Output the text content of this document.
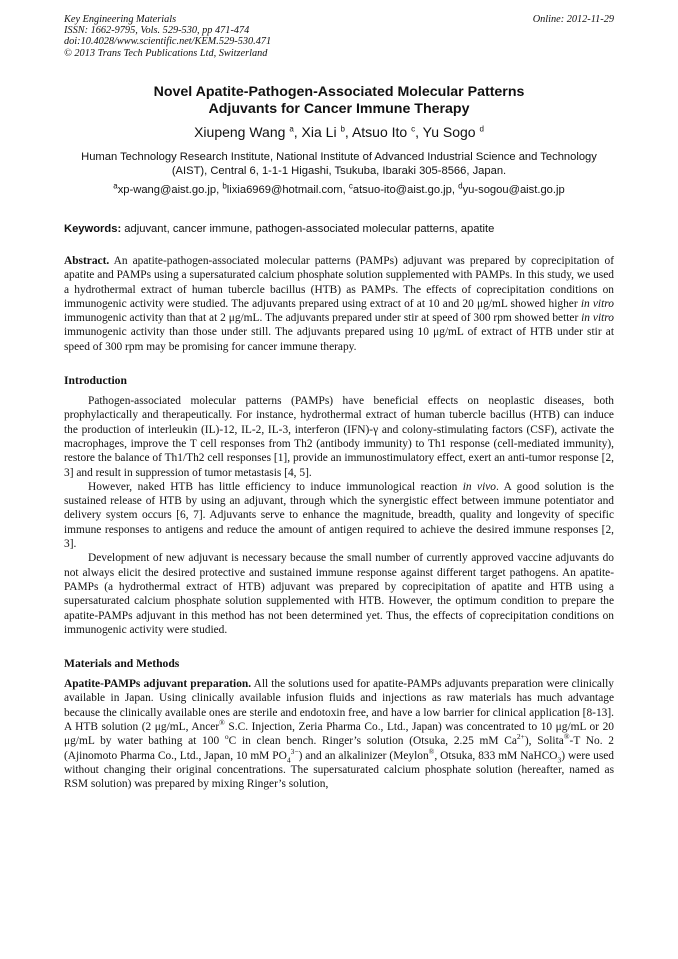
Key Engineering Materials
ISSN: 1662-9795, Vols. 529-530, pp 471-474
doi:10.4028/www.scientific.net/KEM.529-530.471
© 2013 Trans Tech Publications Ltd, Switzerland
Online: 2012-11-29
Novel Apatite-Pathogen-Associated Molecular Patterns
Adjuvants for Cancer Immune Therapy
Xiupeng Wang $^a$, Xia Li $^b$, Atsuo Ito $^c$, Yu Sogo $^d$
Human Technology Research Institute, National Institute of Advanced Industrial Science and Technology (AIST), Central 6, 1-1-1 Higashi, Tsukuba, Ibaraki 305-8566, Japan.
$^a$xp-wang@aist.go.jp, $^b$lixia6969@hotmail.com, $^c$atsuo-ito@aist.go.jp, $^d$yu-sogou@aist.go.jp
Keywords: adjuvant, cancer immune, pathogen-associated molecular patterns, apatite
Abstract. An apatite-pathogen-associated molecular patterns (PAMPs) adjuvant was prepared by coprecipitation of apatite and PAMPs using a supersaturated calcium phosphate solution supplemented with PAMPs. In this study, we used a hydrothermal extract of human tubercle bacillus (HTB) as PAMPs. The effects of coprecipitation conditions on immunogenic activity were studied. The adjuvants prepared using extract of at 10 and 20 μg/mL showed higher in vitro immunogenic activity than that at 2 μg/mL. The adjuvants prepared under stir at speed of 300 rpm showed better in vitro immunogenic activity than those under still. The adjuvants prepared using 10 μg/mL of extract of HTB under stir at speed of 300 rpm may be promising for cancer immune therapy.
Introduction

Pathogen-associated molecular patterns (PAMPs) have beneficial effects on neoplastic diseases, both prophylactically and therapeutically. For instance, hydrothermal extract of human tubercle bacillus (HTB) can induce the production of interleukin (IL)-12, IL-2, IL-3, interferon (IFN)-γ and colony-stimulating factors (CSF), activate the macrophages, improve the T cell responses from Th2 (antibody immunity) to Th1 response (cell-mediated immunity), restore the balance of Th1/Th2 cell responses [1], provide an immunostimulatory effect, exert an anti-tumor response [2, 3] and result in suppression of tumor metastasis [4, 5].

However, naked HTB has little efficiency to induce immunological reaction in vivo. A good solution is the sustained release of HTB by using an adjuvant, through which the synergistic effect between immune potentiator and delivery system occurs [6, 7]. Adjuvants serve to enhance the magnitude, breadth, quality and longevity of specific immune responses to antigens and reduce the amount of antigen required to achieve the desired immune responses [2, 3].

Development of new adjuvant is necessary because the small number of currently approved vaccine adjuvants do not always elicit the desired protective and sustained immune response against different target pathogens. An apatite-PAMPs (a hydrothermal extract of HTB) adjuvant was prepared by coprecipitation of apatite and HTB using a supersaturated calcium phosphate solution supplemented with HTB. However, the optimum condition to prepare the apatite-PAMPs adjuvant in this method has not been determined yet. Thus, the effects of coprecipitation conditions on immunogenic activity were studied.

Materials and Methods

Apatite-PAMPs adjuvant preparation. All the solutions used for apatite-PAMPs adjuvants preparation were clinically available in Japan. Using clinically available infusion fluids and injections as raw materials has much advantage because the clinically available ones are sterile and endotoxin free, and have a low barrier for clinical application [8-13]. A HTB solution (2 μg/mL, Ancer® S.C. Injection, Zeria Pharma Co., Ltd., Japan) was concentrated to 10 μg/mL or 20 μg/mL by water bathing at 100 $^o$C in clean bench. Ringer’s solution (Otsuka, 2.25 mM $Ca^{2+}$), Solita®-T No. 2 (Ajinomoto Pharma Co., Ltd., Japan, 10 mM $PO_4^{3-}$) and an alkalinizer (Meylon®, Otsuka, 833 mM NaHCO$_3$) were used without changing their original concentrations. The supersaturated calcium phosphate solution (hereafter, named as RSM solution) was prepared by mixing Ringer’s solution,
